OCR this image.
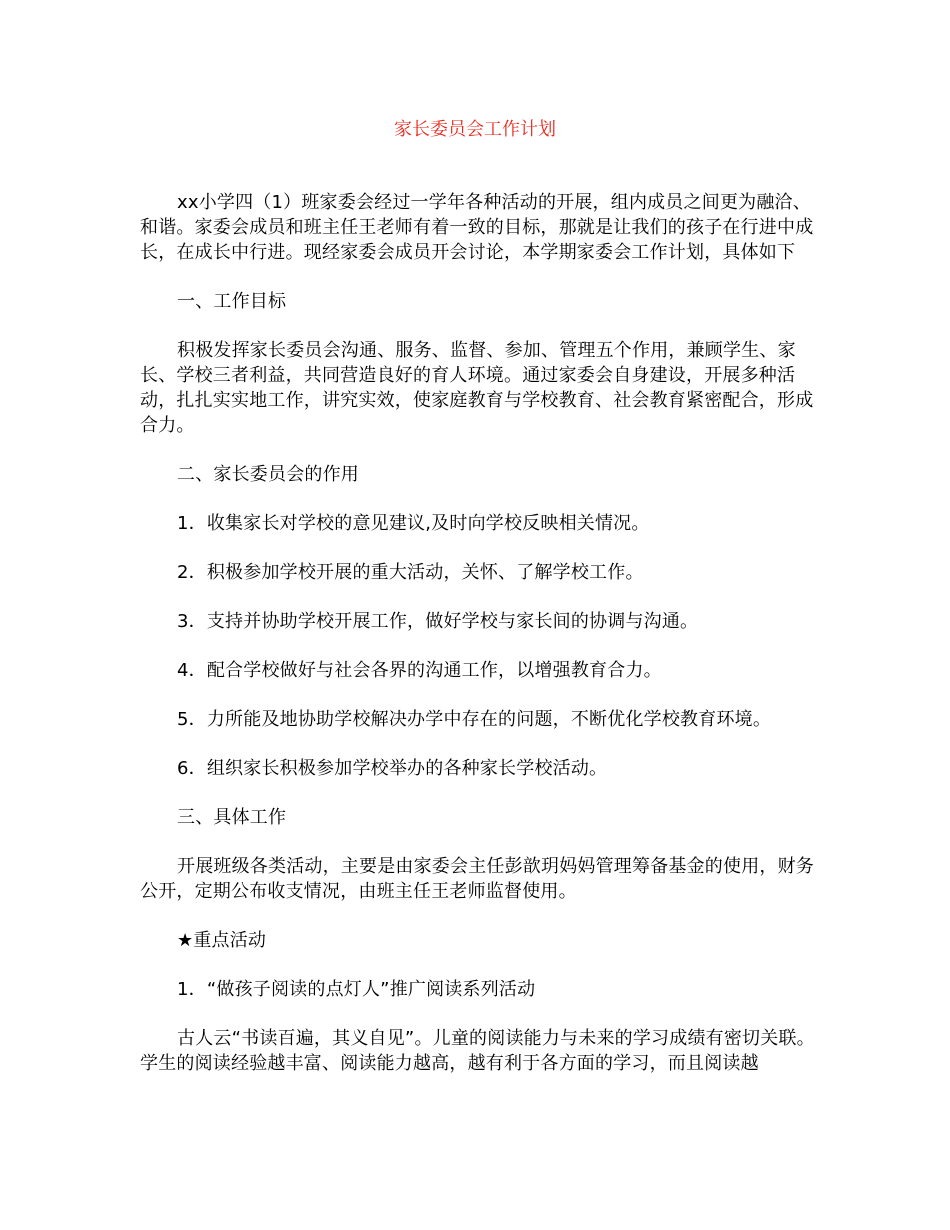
家长委员会工作计划

xx小学四（1）班家委会经过一学年各种活动的开展，组内成员之间更为融洽、和谐。家委会成员和班主任王老师有着一致的目标，那就是让我们的孩子在行进中成长，在成长中行进。现经家委会成员开会讨论，本学期家委会工作计划，具体如下

一、工作目标

积极发挥家长委员会沟通、服务、监督、参加、管理五个作用，兼顾学生、家长、学校三者利益，共同营造良好的育人环境。通过家委会自身建设，开展多种活动，扎扎实实地工作，讲究实效，使家庭教育与学校教育、社会教育紧密配合，形成合力。

二、家长委员会的作用

1．收集家长对学校的意见建议,及时向学校反映相关情况。

2．积极参加学校开展的重大活动，关怀、了解学校工作。

3．支持并协助学校开展工作，做好学校与家长间的协调与沟通。

4．配合学校做好与社会各界的沟通工作，以增强教育合力。

5．力所能及地协助学校解决办学中存在的问题，不断优化学校教育环境。

6．组织家长积极参加学校举办的各种家长学校活动。

三、具体工作

开展班级各类活动，主要是由家委会主任彭歆玥妈妈管理筹备基金的使用，财务公开，定期公布收支情况，由班主任王老师监督使用。

★重点活动

1．“做孩子阅读的点灯人”推广阅读系列活动

古人云“书读百遍，其义自见”。儿童的阅读能力与未来的学习成绩有密切关联。学生的阅读经验越丰富、阅读能力越高，越有利于各方面的学习，而且阅读越
